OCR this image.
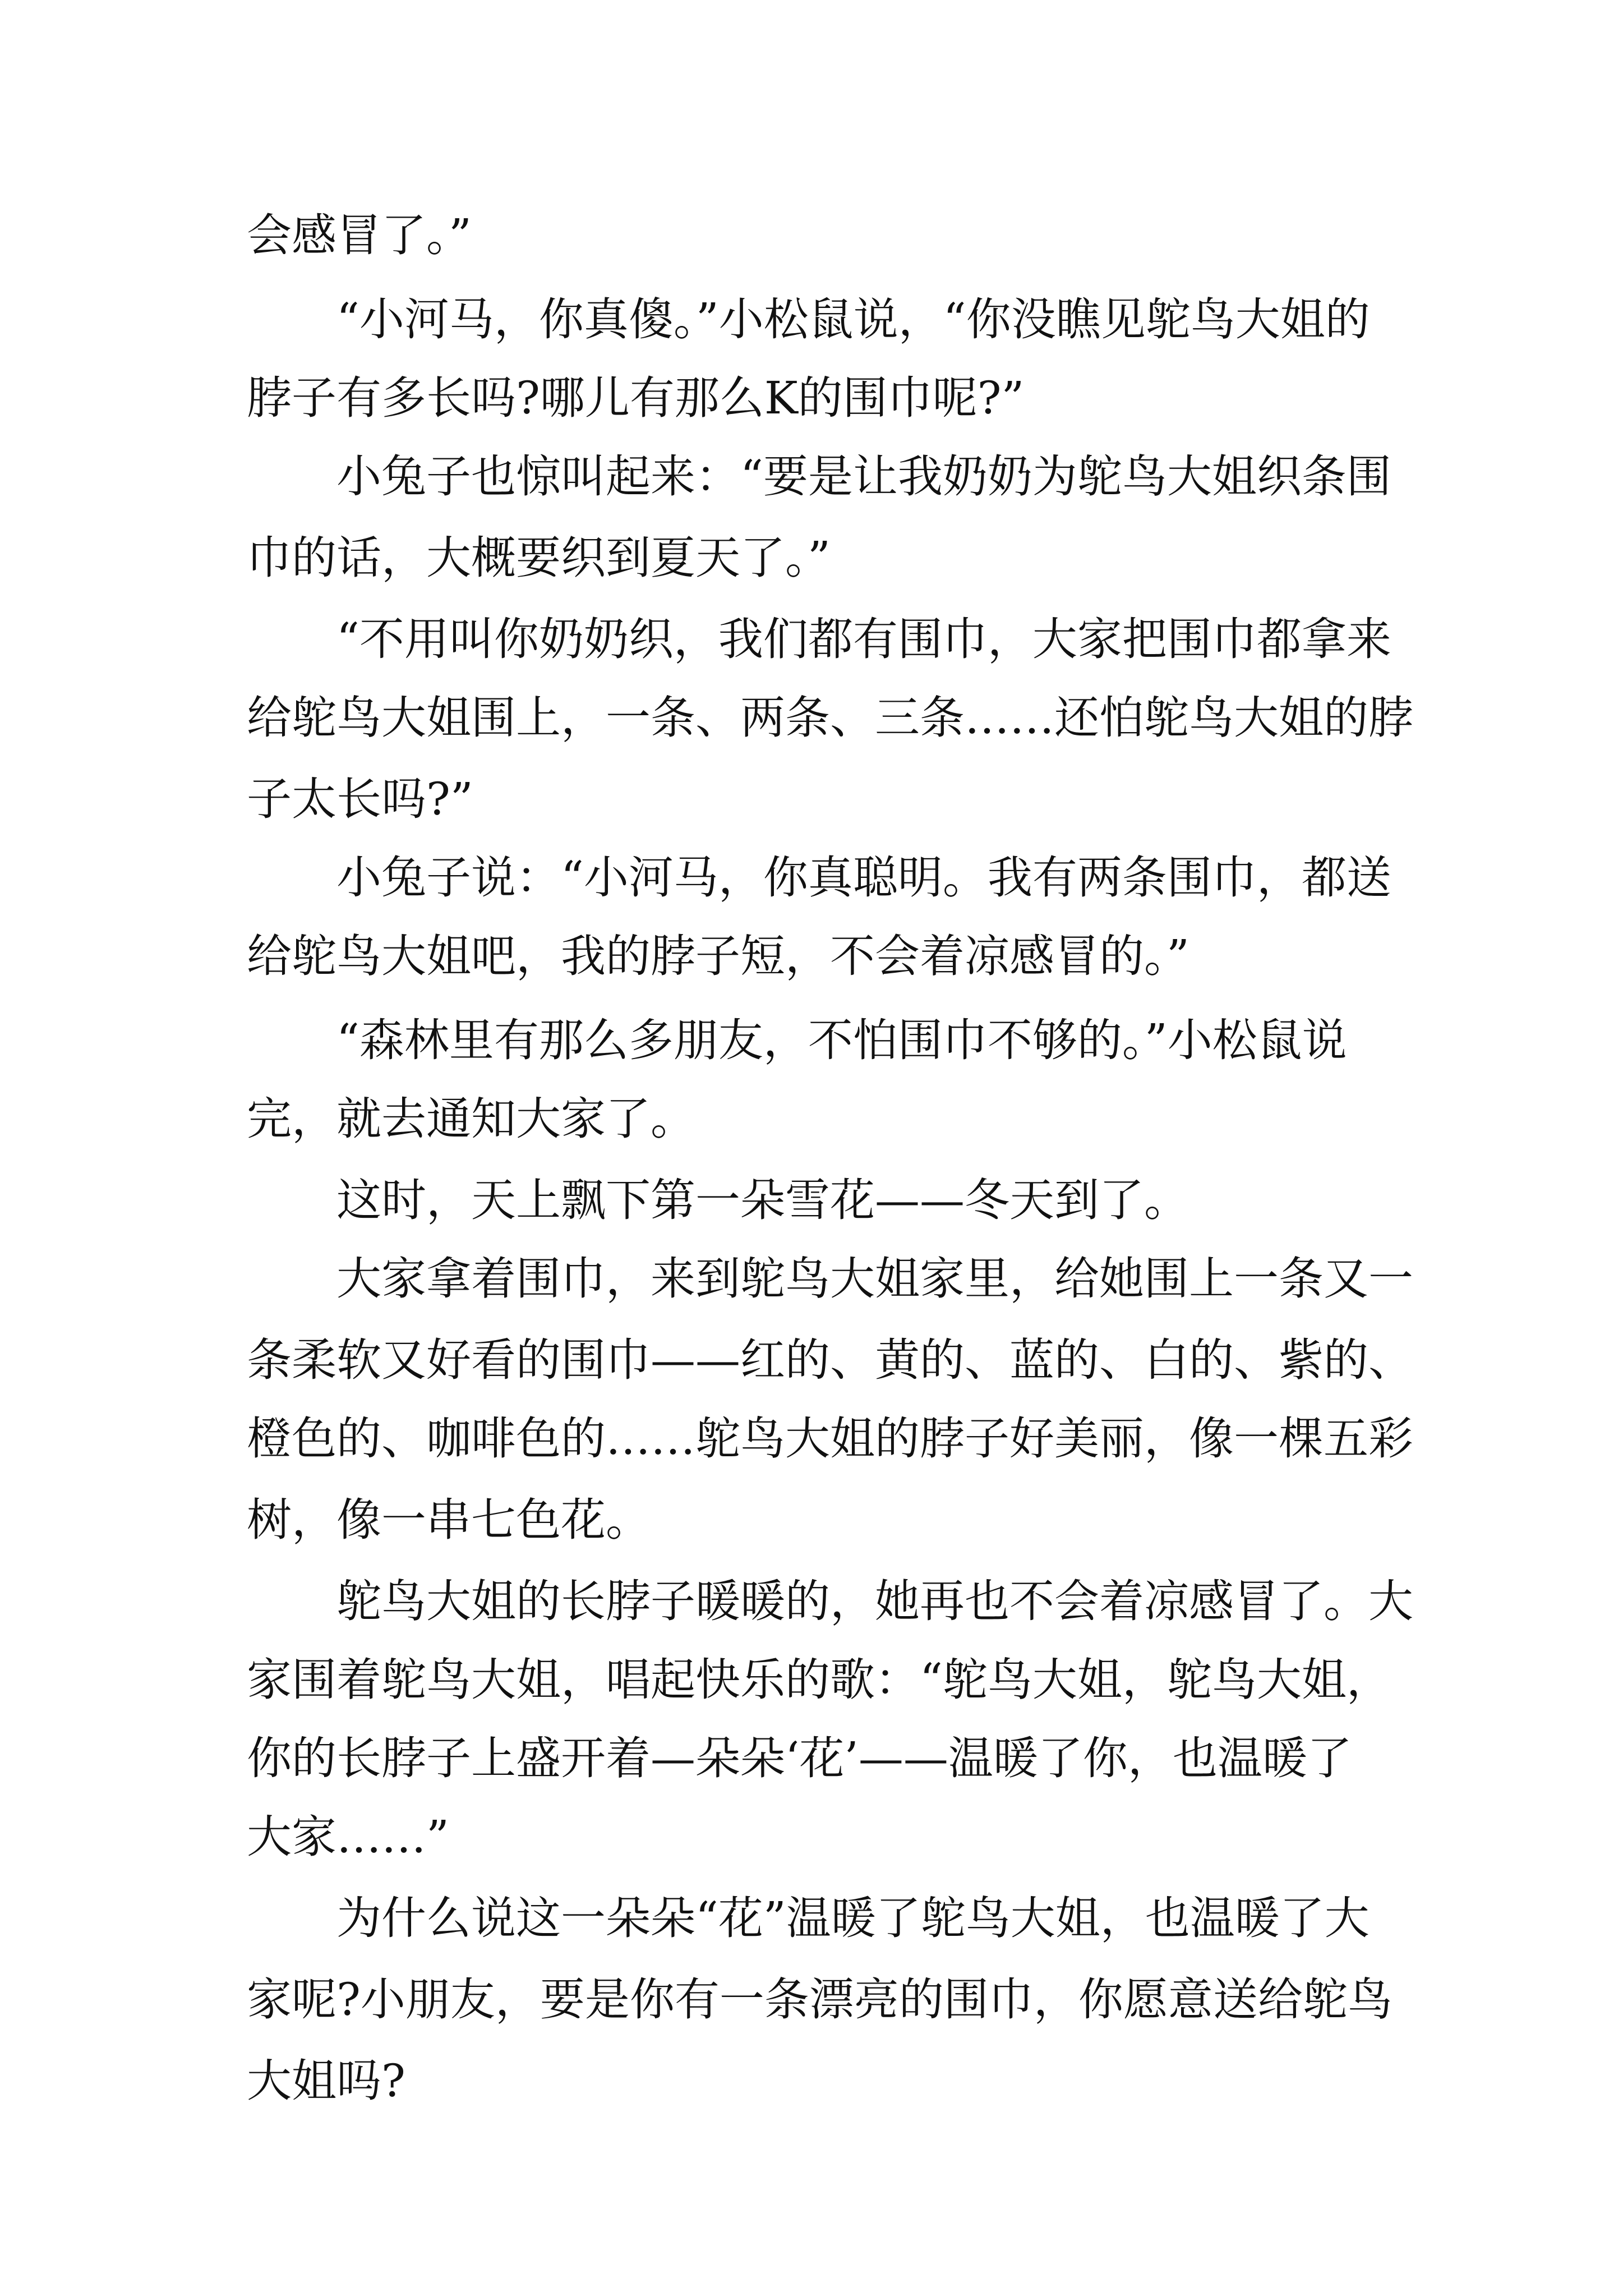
会感冒了。”

“小河马，你真傻。”小松鼠说，“你没瞧见鸵鸟大姐的

脖子有多长吗?哪儿有那么K的围巾呢?”

小兔子也惊叫起来：“要是让我奶奶为鸵鸟大姐织条围

巾的话，大概要织到夏天了。”

“不用叫你奶奶织，我们都有围巾，大家把围巾都拿来

给鸵鸟大姐围上，一条、两条、三条……还怕鸵鸟大姐的脖

子太长吗?”

小兔子说：“小河马，你真聪明。我有两条围巾，都送

给鸵鸟大姐吧，我的脖子短，不会着凉感冒的。”

“森林里有那么多朋友，不怕围巾不够的。”小松鼠说

完，就去通知大家了。

这时，天上飘下第一朵雪花——冬天到了。

大家拿着围巾，来到鸵鸟大姐家里，给她围上一条又一

条柔软又好看的围巾——红的、黄的、蓝的、白的、紫的、

橙色的、咖啡色的……鸵鸟大姐的脖子好美丽，像一棵五彩

树，像一串七色花。

鸵鸟大姐的长脖子暖暖的，她再也不会着凉感冒了。大

家围着鸵鸟大姐，唱起快乐的歌：“鸵鸟大姐，鸵鸟大姐，

你的长脖子上盛开着—朵朵‘花’——温暖了你，也温暖了

大家……”

为什么说这一朵朵“花”温暖了鸵鸟大姐，也温暖了大

家呢?小朋友，要是你有一条漂亮的围巾，你愿意送给鸵鸟

大姐吗?
